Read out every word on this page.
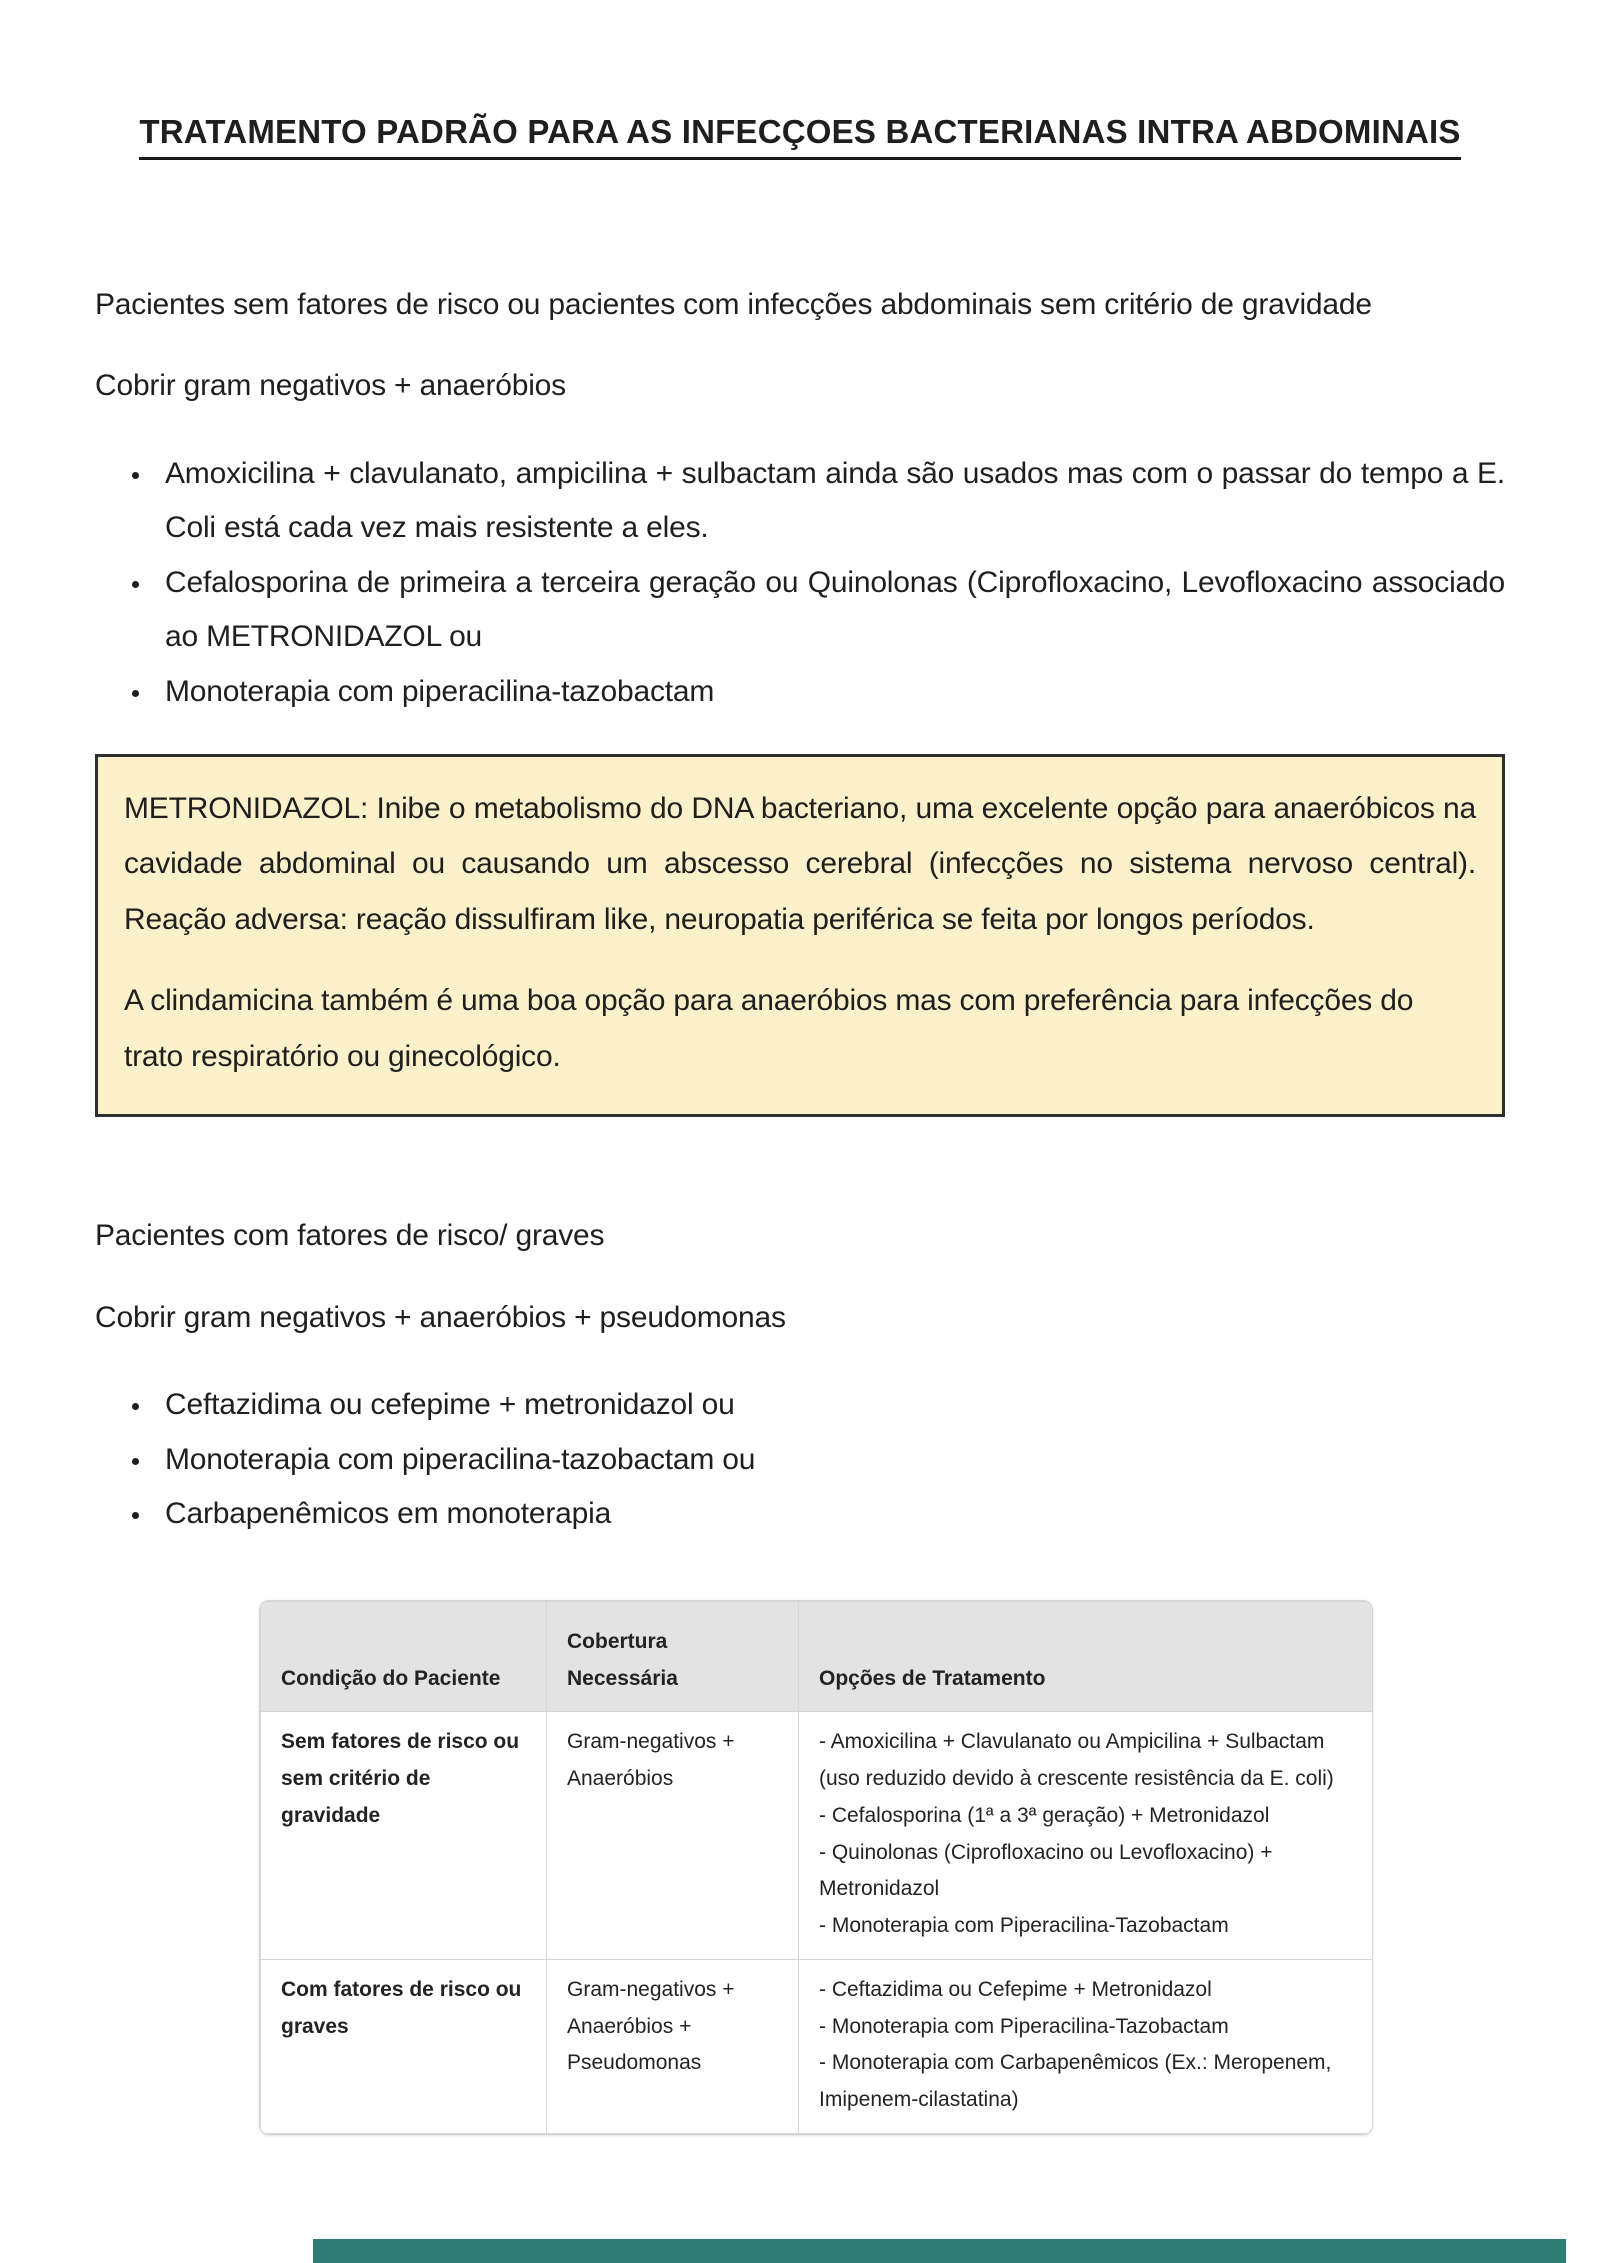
TRATAMENTO PADRÃO PARA AS INFECÇOES BACTERIANAS INTRA ABDOMINAIS

Pacientes sem fatores de risco ou pacientes com infecções abdominais sem critério de gravidade

Cobrir gram negativos + anaeróbios

• Amoxicilina + clavulanato, ampicilina + sulbactam ainda são usados mas com o passar do tempo a E. Coli está cada vez mais resistente a eles.
• Cefalosporina de primeira a terceira geração ou Quinolonas (Ciprofloxacino, Levofloxacino associado ao METRONIDAZOL ou
• Monoterapia com piperacilina-tazobactam

METRONIDAZOL: Inibe o metabolismo do DNA bacteriano, uma excelente opção para anaeróbicos na cavidade abdominal ou causando um abscesso cerebral (infecções no sistema nervoso central). Reação adversa: reação dissulfiram like, neuropatia periférica se feita por longos períodos.

A clindamicina também é uma boa opção para anaeróbios mas com preferência para infecções do trato respiratório ou ginecológico.

Pacientes com fatores de risco/ graves

Cobrir gram negativos + anaeróbios + pseudomonas

• Ceftazidima ou cefepime + metronidazol ou
• Monoterapia com piperacilina-tazobactam ou
• Carbapenêmicos em monoterapia
Condição do Paciente	Cobertura Necessária	Opções de Tratamento
Sem fatores de risco ou sem critério de gravidade	Gram-negativos + Anaeróbios	- Amoxicilina + Clavulanato ou Ampicilina + Sulbactam (uso reduzido devido à crescente resistência da E. coli)
- Cefalosporina (1ª a 3ª geração) + Metronidazol
- Quinolonas (Ciprofloxacino ou Levofloxacino) + Metronidazol
- Monoterapia com Piperacilina-Tazobactam

Com fatores de risco ou graves	Gram-negativos + Anaeróbios + Pseudomonas	- Ceftazidima ou Cefepime + Metronidazol
- Monoterapia com Piperacilina-Tazobactam
- Monoterapia com Carbapenêmicos (Ex.: Meropenem, Imipenem-cilastatina)
